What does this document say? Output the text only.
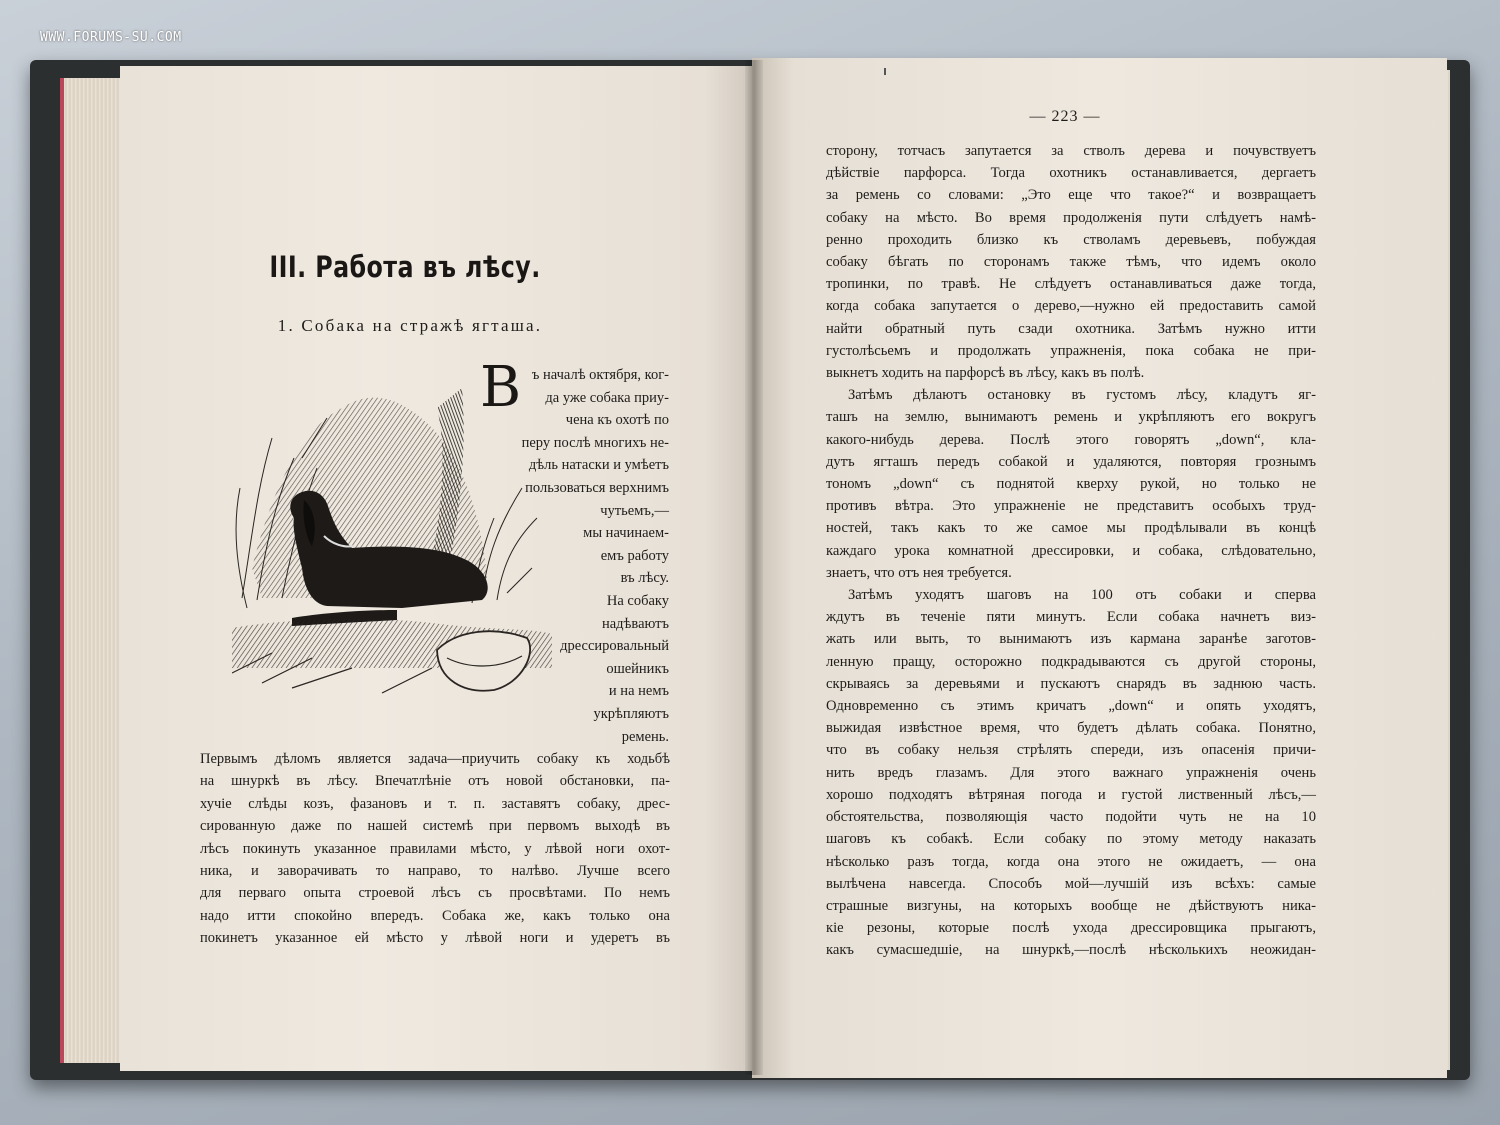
WWW.FORUMS-SU.COM
III. Работа въ лѣсу.
1. Собака на стражѣ ягташа.
В ъ началѣ октября, ког-
да уже собака приу-
чена къ охотѣ по
перу послѣ многихъ не-
дѣль натаски и умѣетъ
пользоваться верхнимъ
чутьемъ,—
мы начинаем-
емъ работу
въ лѣсу.
На собаку
надѣваютъ
дрессировальный
ошейникъ
и на немъ
укрѣпляютъ
ремень.
Первымъ дѣломъ является задача—приучить собаку къ ходьбѣ
на шнуркѣ въ лѣсу. Впечатлѣніе отъ новой обстановки, па-
хучіе слѣды козъ, фазановъ и т. п. заставятъ собаку, дрес-
сированную даже по нашей системѣ при первомъ выходѣ въ
лѣсъ покинуть указанное правилами мѣсто, у лѣвой ноги охот-
ника, и заворачивать то направо, то налѣво. Лучше всего
для перваго опыта строевой лѣсъ съ просвѣтами. По немъ
надо итти спокойно впередъ. Собака же, какъ только она
покинетъ указанное ей мѣсто у лѣвой ноги и удеретъ въ
— 223 —
сторону, тотчасъ запутается за стволъ дерева и почувствуетъ
дѣйствіе парфорса. Тогда охотникъ останавливается, дергаетъ
за ремень со словами: „Это еще что такое?“ и возвращаетъ
собаку на мѣсто. Во время продолженія пути слѣдуетъ намѣ-
ренно проходить близко къ стволамъ деревьевъ, побуждая
собаку бѣгать по сторонамъ также тѣмъ, что идемъ около
тропинки, по травѣ. Не слѣдуетъ останавливаться даже тогда,
когда собака запутается о дерево,—нужно ей предоставить самой
найти обратный путь сзади охотника. Затѣмъ нужно итти
густолѣсьемъ и продолжать упражненія, пока собака не при-
выкнетъ ходить на парфорсѣ въ лѣсу, какъ въ полѣ.
Затѣмъ дѣлаютъ остановку въ густомъ лѣсу, кладутъ яг-
ташъ на землю, вынимаютъ ремень и укрѣпляютъ его вокругъ
какого-нибудь дерева. Послѣ этого говорятъ „down“, кла-
дутъ ягташъ передъ собакой и удаляются, повторяя грознымъ
тономъ „down“ съ поднятой кверху рукой, но только не
противъ вѣтра. Это упражненіе не представитъ особыхъ труд-
ностей, такъ какъ то же самое мы продѣлывали въ концѣ
каждаго урока комнатной дрессировки, и собака, слѣдовательно,
знаетъ, что отъ нея требуется.
Затѣмъ уходятъ шаговъ на 100 отъ собаки и сперва
ждутъ въ теченіе пяти минутъ. Если собака начнетъ виз-
жать или выть, то вынимаютъ изъ кармана заранѣе заготов-
ленную пращу, осторожно подкрадываются съ другой стороны,
скрываясь за деревьями и пускаютъ снарядъ въ заднюю часть.
Одновременно съ этимъ кричатъ „down“ и опять уходятъ,
выжидая извѣстное время, что будетъ дѣлать собака. Понятно,
что въ собаку нельзя стрѣлять спереди, изъ опасенія причи-
нить вредъ глазамъ. Для этого важнаго упражненія очень
хорошо подходятъ вѣтряная погода и густой лиственный лѣсъ,—
обстоятельства, позволяющія часто подойти чуть не на 10
шаговъ къ собакѣ. Если собаку по этому методу наказать
нѣсколько разъ тогда, когда она этого не ожидаетъ, — она
вылѣчена навсегда. Способъ мой—лучшій изъ всѣхъ: самые
страшные визгуны, на которыхъ вообще не дѣйствуютъ ника-
кіе резоны, которые послѣ ухода дрессировщика прыгаютъ,
какъ сумасшедшіе, на шнуркѣ,—послѣ нѣсколькихъ неожидан-
